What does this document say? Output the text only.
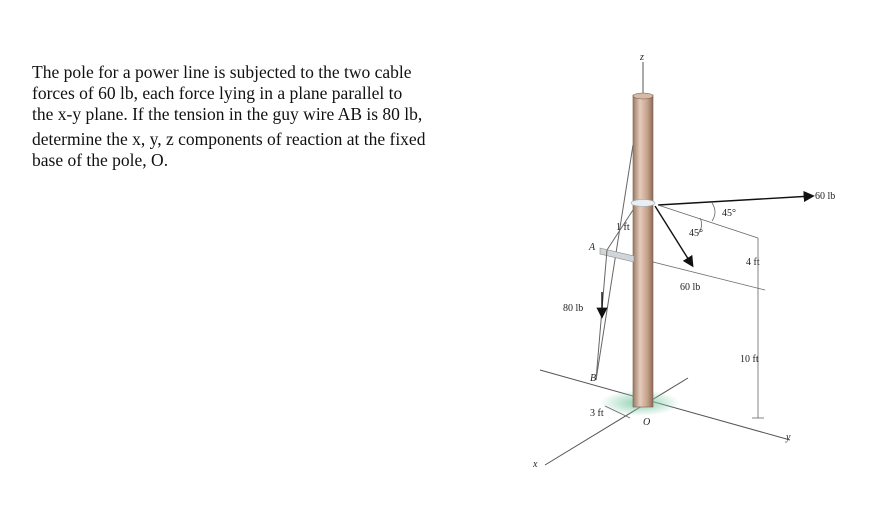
The pole for a power line is subjected to the two cable

forces of 60 lb, each force lying in a plane parallel to

the x-y plane. If the tension in the guy wire AB is 80 lb,

determine the x, y, z components of reaction at the fixed

base of the pole, O.

z
x
y
A
B
O
60 lb
60 lb
80 lb
45°
45°
1 ft
4 ft
10 ft
3 ft
